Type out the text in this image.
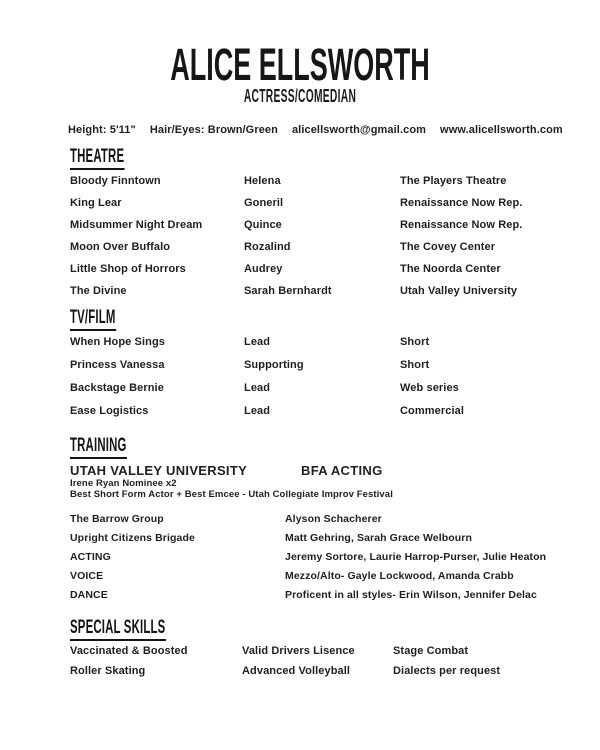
ALICE ELLSWORTH
ACTRESS/COMEDIAN
Height: 5'11" Hair/Eyes: Brown/Green alicellsworth@gmail.com www.alicellsworth.com
THEATRE
Bloody Finntown	Helena	The Players Theatre
King Lear	Goneril	Renaissance Now Rep.
Midsummer Night Dream	Quince	Renaissance Now Rep.
Moon Over Buffalo	Rozalind	The Covey Center
Little Shop of Horrors	Audrey	The Noorda Center
The Divine	Sarah Bernhardt	Utah Valley University
TV/FILM
When Hope Sings	Lead	Short
Princess Vanessa	Supporting	Short
Backstage Bernie	Lead	Web series
Ease Logistics	Lead	Commercial
TRAINING
UTAH VALLEY UNIVERSITY	BFA ACTING
Irene Ryan Nominee x2
Best Short Form Actor + Best Emcee - Utah Collegiate Improv Festival
The Barrow Group	Alyson Schacherer
Upright Citizens Brigade	Matt Gehring, Sarah Grace Welbourn
ACTING	Jeremy Sortore, Laurie Harrop-Purser, Julie Heaton
VOICE	Mezzo/Alto- Gayle Lockwood, Amanda Crabb
DANCE	Proficent in all styles- Erin Wilson, Jennifer Delac
SPECIAL SKILLS
Vaccinated & Boosted	Valid Drivers Lisence	Stage Combat
Roller Skating	Advanced Volleyball	Dialects per request
